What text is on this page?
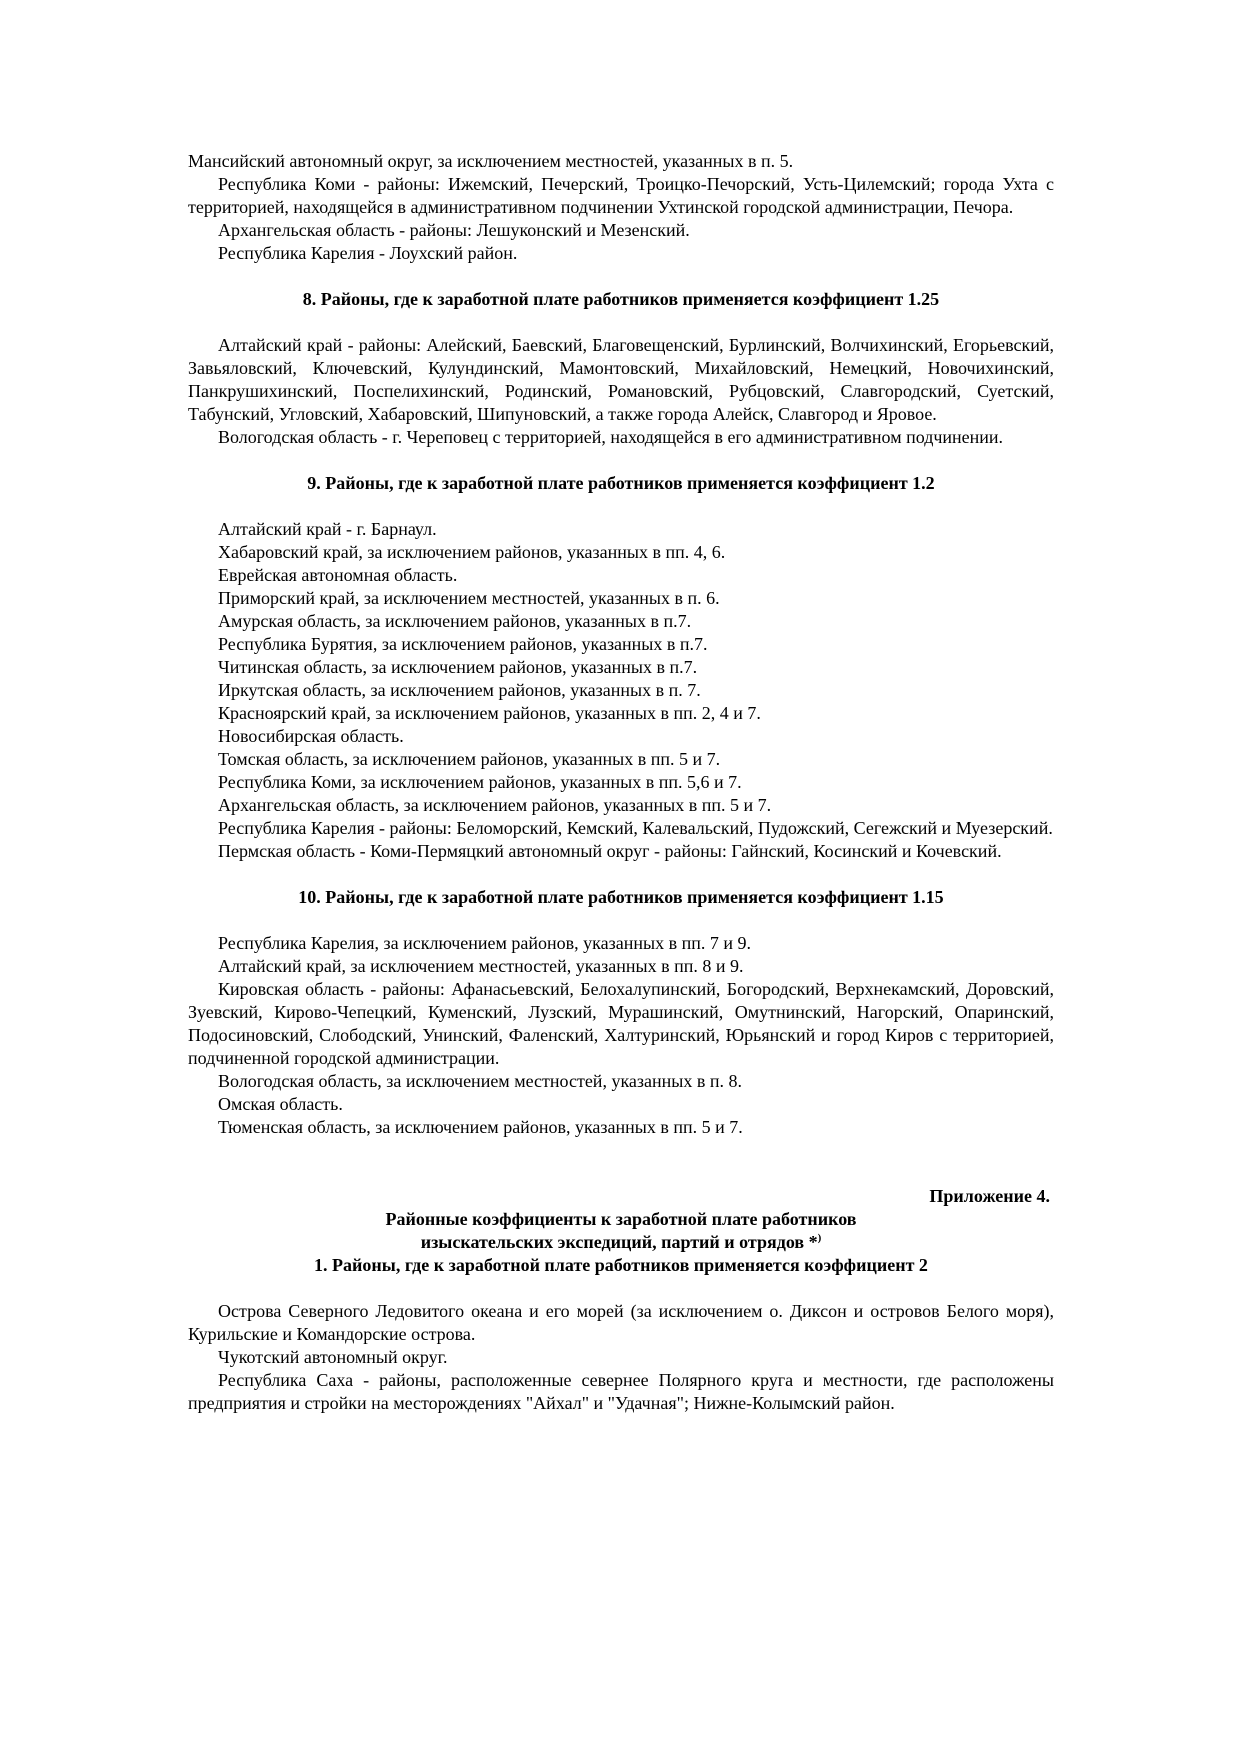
Мансийский автономный округ, за исключением местностей, указанных в п. 5.

Республика Коми - районы: Ижемский, Печерский, Троицко-Печорский, Усть-Цилемский; города Ухта с территорией, находящейся в административном подчинении Ухтинской городской администрации, Печора.

Архангельская область - районы: Лешуконский и Мезенский.

Республика Карелия - Лоухский район.

8. Районы, где к заработной плате работников применяется коэффициент 1.25

Алтайский край - районы: Алейский, Баевский, Благовещенский, Бурлинский, Волчихинский, Егорьевский, Завьяловский, Ключевский, Кулундинский, Мамонтовский, Михайловский, Немецкий, Новочихинский, Панкрушихинский, Поспелихинский, Родинский, Романовский, Рубцовский, Славгородский, Суетский, Табунский, Угловский, Хабаровский, Шипуновский, а также города Алейск, Славгород и Яровое.

Вологодская область - г. Череповец с территорией, находящейся в его административном подчинении.

9. Районы, где к заработной плате работников применяется коэффициент 1.2

Алтайский край - г. Барнаул.

Хабаровский край, за исключением районов, указанных в пп. 4, 6.

Еврейская автономная область.

Приморский край, за исключением местностей, указанных в п. 6.

Амурская область, за исключением районов, указанных в п.7.

Республика Бурятия, за исключением районов, указанных в п.7.

Читинская область, за исключением районов, указанных в п.7.

Иркутская область, за исключением районов, указанных в п. 7.

Красноярский край, за исключением районов, указанных в пп. 2, 4 и 7.

Новосибирская область.

Томская область, за исключением районов, указанных в пп. 5 и 7.

Республика Коми, за исключением районов, указанных в пп. 5,6 и 7.

Архангельская область, за исключением районов, указанных в пп. 5 и 7.

Республика Карелия - районы: Беломорский, Кемский, Калевальский, Пудожский, Сегежский и Муезерский.

Пермская область - Коми-Пермяцкий автономный округ - районы: Гайнский, Косинский и Кочевский.

10. Районы, где к заработной плате работников применяется коэффициент 1.15

Республика Карелия, за исключением районов, указанных в пп. 7 и 9.

Алтайский край, за исключением местностей, указанных в пп. 8 и 9.

Кировская область - районы: Афанасьевский, Белохалупинский, Богородский, Верхнекамский, Доровский, Зуевский, Кирово-Чепецкий, Куменский, Лузский, Мурашинский, Омутнинский, Нагорский, Опаринский, Подосиновский, Слободский, Унинский, Фаленский, Халтуринский, Юрьянский и город Киров с территорией, подчиненной городской администрации.

Вологодская область, за исключением местностей, указанных в п. 8.

Омская область.

Тюменская область, за исключением районов, указанных в пп. 5 и 7.

Приложение 4.

Районные коэффициенты к заработной плате работников

изыскательских экспедиций, партий и отрядов *)

1. Районы, где к заработной плате работников применяется коэффициент 2

Острова Северного Ледовитого океана и его морей (за исключением о. Диксон и островов Белого моря), Курильские и Командорские острова.

Чукотский автономный округ.

Республика Саха - районы, расположенные севернее Полярного круга и местности, где расположены предприятия и стройки на месторождениях "Айхал" и "Удачная"; Нижне-Колымский район.
